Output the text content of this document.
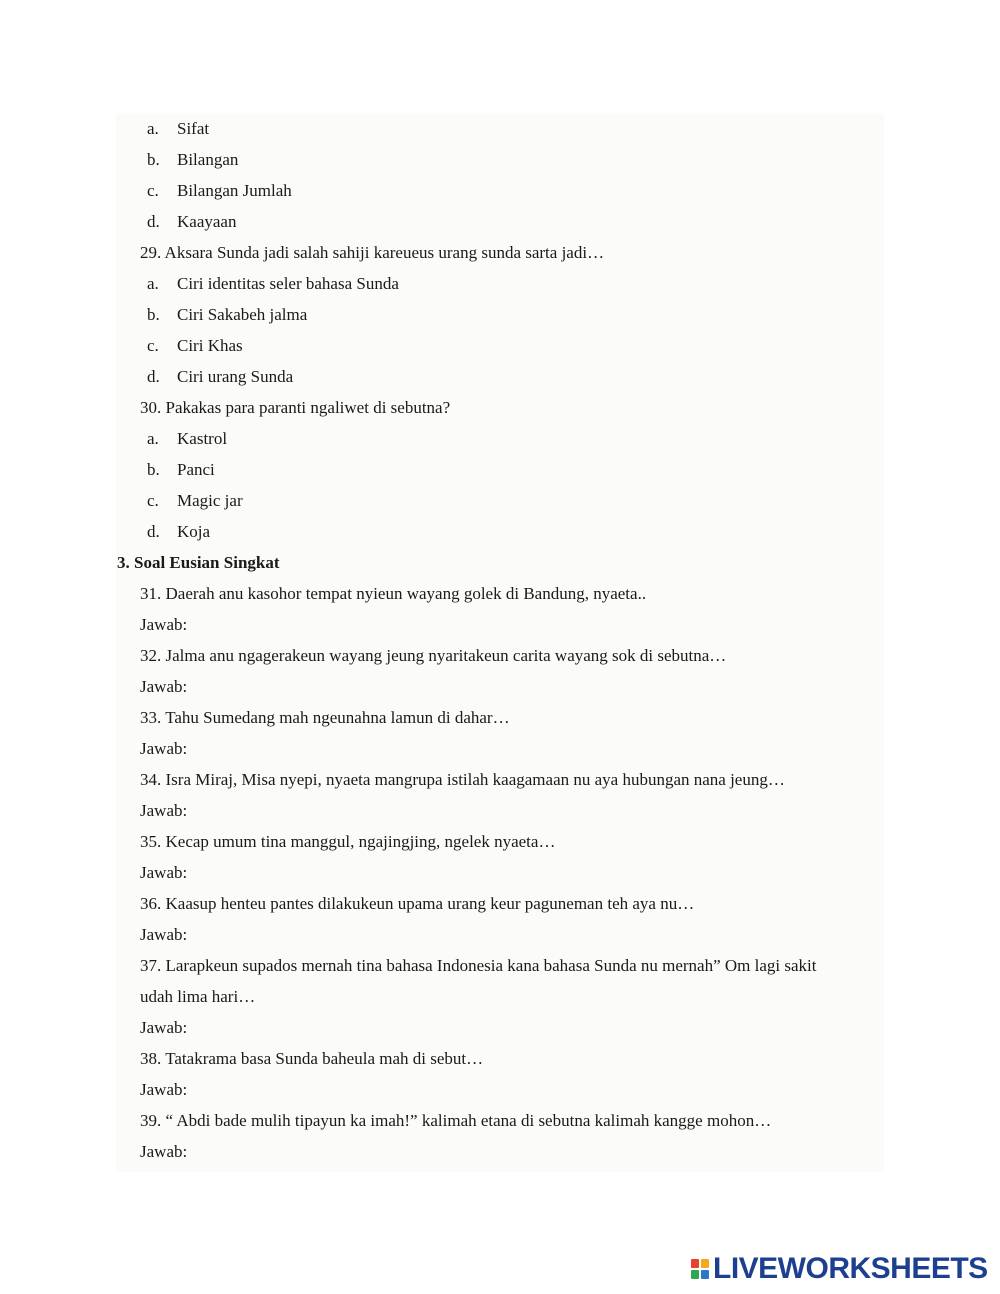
a. Sifat
b. Bilangan
c. Bilangan Jumlah
d. Kaayaan
29. Aksara Sunda jadi salah sahiji kareueus urang sunda sarta jadi…
a. Ciri identitas seler bahasa Sunda
b. Ciri Sakabeh jalma
c. Ciri Khas
d. Ciri urang Sunda
30. Pakakas para paranti ngaliwet di sebutna?
a. Kastrol
b. Panci
c. Magic jar
d. Koja
3. Soal Eusian Singkat
31. Daerah anu kasohor tempat nyieun wayang golek di Bandung, nyaeta..
Jawab:
32. Jalma anu ngagerakeun wayang jeung nyaritakeun carita wayang sok di sebutna…
Jawab:
33. Tahu Sumedang mah ngeunahna lamun di dahar…
Jawab:
34. Isra Miraj, Misa nyepi, nyaeta mangrupa istilah kaagamaan nu aya hubungan nana jeung…
Jawab:
35. Kecap umum tina manggul, ngajingjing, ngelek nyaeta…
Jawab:
36. Kaasup henteu pantes dilakukeun upama urang keur paguneman teh aya nu…
Jawab:
37. Larapkeun supados mernah tina bahasa Indonesia kana bahasa Sunda nu mernah” Om lagi sakit
udah lima hari…
Jawab:
38. Tatakrama basa Sunda baheula mah di sebut…
Jawab:
39. “ Abdi bade mulih tipayun ka imah!” kalimah etana di sebutna kalimah kangge mohon…
Jawab:
LIVEWORKSHEETS
